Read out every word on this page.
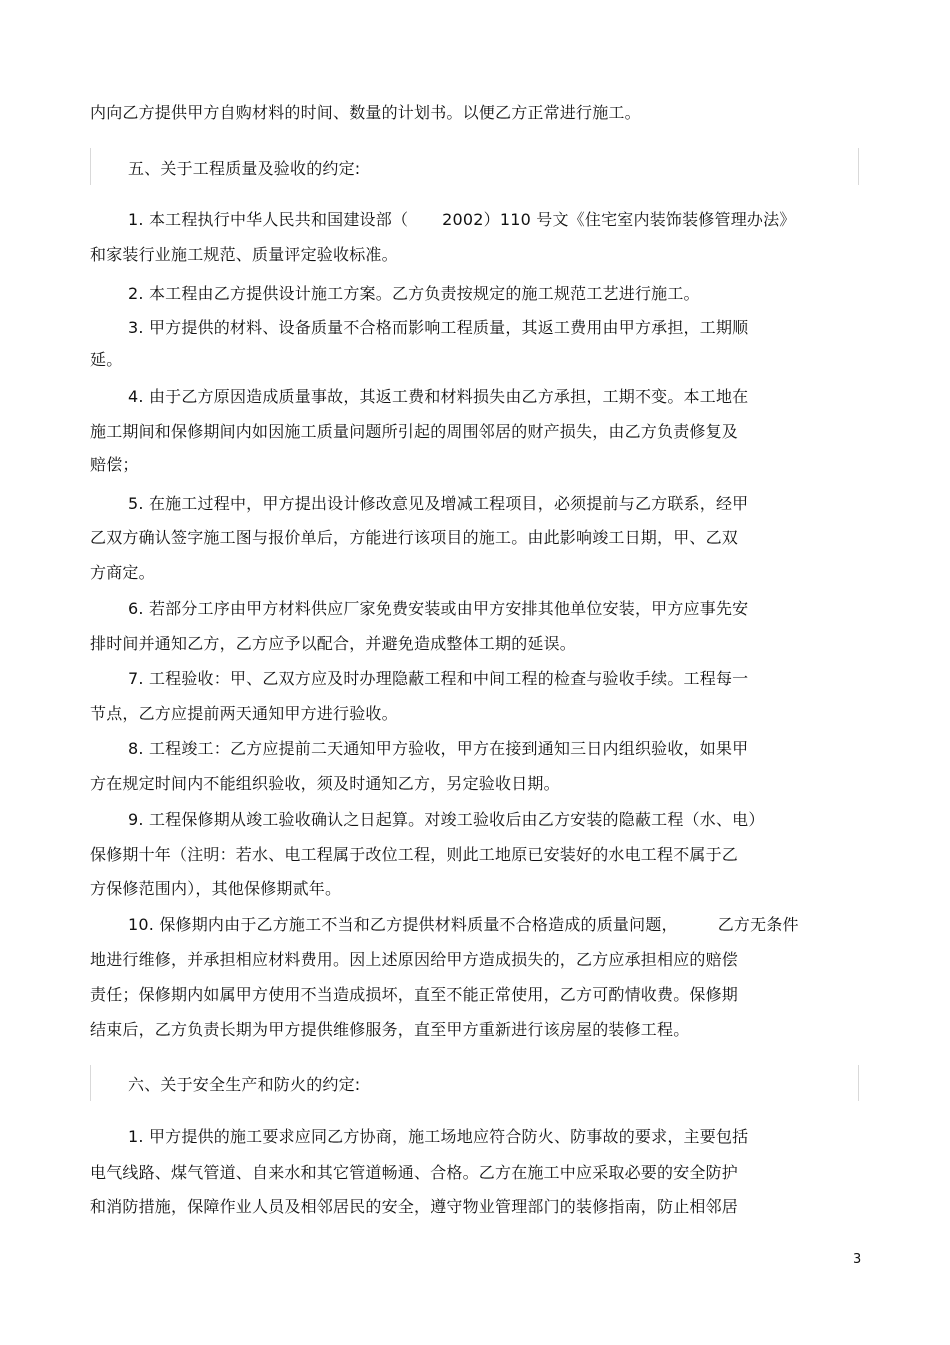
内向乙方提供甲方自购材料的时间、数量的计划书。以便乙方正常进行施工。
五、关于工程质量及验收的约定:
1. 本工程执行中华人民共和国建设部（ 2002）110 号文《住宅室内装饰装修管理办法》
和家装行业施工规范、质量评定验收标准。
2. 本工程由乙方提供设计施工方案。乙方负责按规定的施工规范工艺进行施工。
3. 甲方提供的材料、设备质量不合格而影响工程质量，其返工费用由甲方承担，工期顺
延。
4. 由于乙方原因造成质量事故，其返工费和材料损失由乙方承担，工期不变。本工地在
施工期间和保修期间内如因施工质量问题所引起的周围邻居的财产损失，由乙方负责修复及
赔偿；
5. 在施工过程中，甲方提出设计修改意见及增减工程项目，必须提前与乙方联系，经甲
乙双方确认签字施工图与报价单后，方能进行该项目的施工。由此影响竣工日期，甲、乙双
方商定。
6. 若部分工序由甲方材料供应厂家免费安装或由甲方安排其他单位安装，甲方应事先安
排时间并通知乙方，乙方应予以配合，并避免造成整体工期的延误。
7. 工程验收：甲、乙双方应及时办理隐蔽工程和中间工程的检查与验收手续。工程每一
节点，乙方应提前两天通知甲方进行验收。
8. 工程竣工：乙方应提前二天通知甲方验收，甲方在接到通知三日内组织验收，如果甲
方在规定时间内不能组织验收，须及时通知乙方，另定验收日期。
9. 工程保修期从竣工验收确认之日起算。对竣工验收后由乙方安装的隐蔽工程（水、电）
保修期十年（注明：若水、电工程属于改位工程，则此工地原已安装好的水电工程不属于乙
方保修范围内），其他保修期贰年。
10. 保修期内由于乙方施工不当和乙方提供材料质量不合格造成的质量问题，	乙方无条件
地进行维修，并承担相应材料费用。因上述原因给甲方造成损失的，乙方应承担相应的赔偿
责任；保修期内如属甲方使用不当造成损坏，直至不能正常使用，乙方可酌情收费。保修期
结束后，乙方负责长期为甲方提供维修服务，直至甲方重新进行该房屋的装修工程。
六、关于安全生产和防火的约定:
1. 甲方提供的施工要求应同乙方协商，施工场地应符合防火、防事故的要求，主要包括
电气线路、煤气管道、自来水和其它管道畅通、合格。乙方在施工中应采取必要的安全防护
和消防措施，保障作业人员及相邻居民的安全，遵守物业管理部门的装修指南，防止相邻居
3
